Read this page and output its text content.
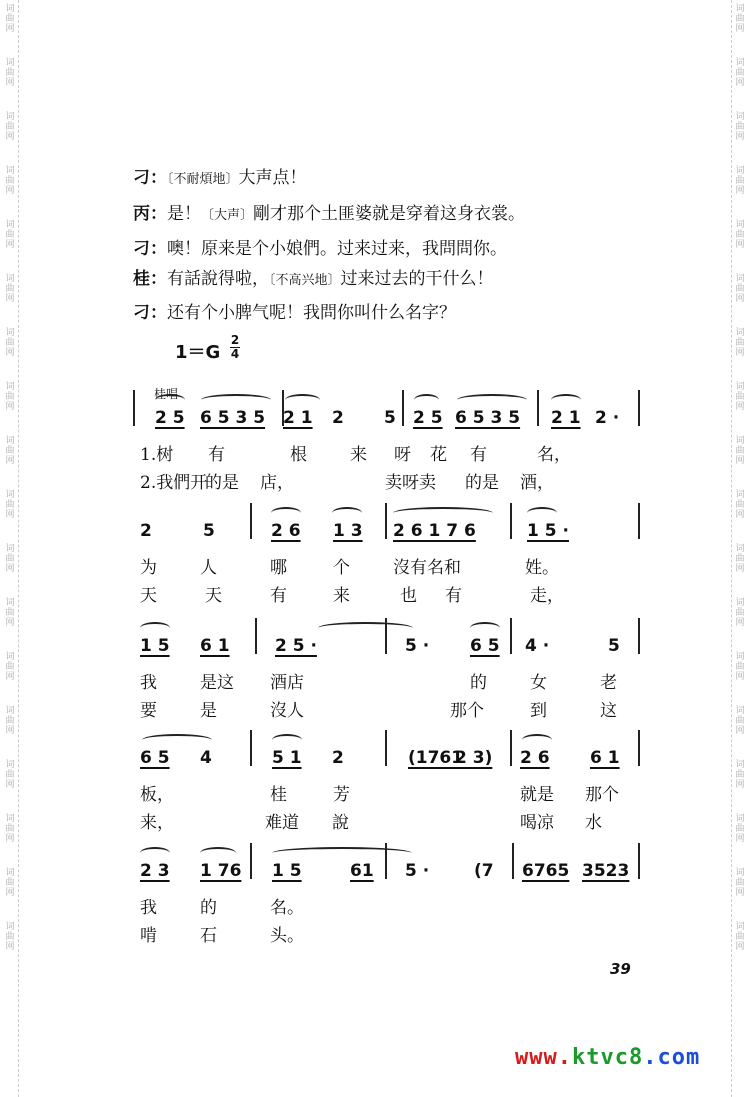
词
曲
网
词
曲
网
词
曲
网
词
曲
网
词
曲
网
词
曲
网
词
曲
网
词
曲
网
词
曲
网
词
曲
网
词
曲
网
词
曲
网
词
曲
网
词
曲
网
词
曲
网
词
曲
网
词
曲
网
词
曲
网
词
曲
网
词
曲
网
词
曲
网
词
曲
网
词
曲
网
词
曲
网
词
曲
网
词
曲
网
词
曲
网
词
曲
网
词
曲
网
词
曲
网
词
曲
网
词
曲
网
词
曲
网
词
曲
网
词
曲
网
词
曲
网
刁：〔不耐煩地〕大声点！
丙：是！〔大声〕剛才那个土匪婆就是穿着这身衣裳。
刁：噢！原来是个小娘們。过来过来，我問問你。
桂：有話說得啦，〔不高兴地〕过来过去的干什么！
刁：还有个小脾气呢！我問你叫什么名字？
1＝G
2
4
桂唱
2 5 6 5 3 5 2 1 2 5 2 5 6 5 3 5 2 1 2 ·
1.树 有	根	来 呀 花 有	名，
2.我們开
的是 店，	卖呀卖 的是 酒，
2	5	2 6 1 3 2 6 1 7 6	1 5 ·
为	人	哪	个	沒有名和	姓。
天	天	有	来	也 有	走，
1 5 6 1	2 5 ·	5 · 6 5 4 ·	5
我	是这 酒店	的	女	老
要	是	沒人	那个	到	这
6 5 4	5 1 2	(1761
2 3) 2 6 6 1
板，	桂	芳	就是 那个
来，	难道 說	喝凉 水
2 3 1 76 1 5	61 5 ·	(7 6765 3523
我	的	名。
啃	石	头。
39
www.ktvc8.com
